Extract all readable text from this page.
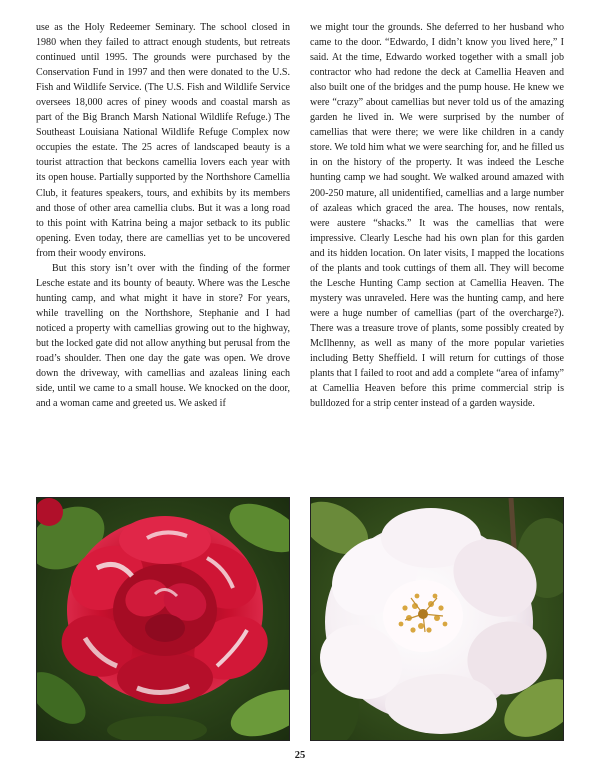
use as the Holy Redeemer Seminary. The school closed in 1980 when they failed to attract enough students, but retreats continued until 1995. The grounds were purchased by the Conservation Fund in 1997 and then were donated to the U.S. Fish and Wildlife Service. (The U.S. Fish and Wildlife Service oversees 18,000 acres of piney woods and coastal marsh as part of the Big Branch Marsh National Wildlife Refuge.) The Southeast Louisiana National Wildlife Refuge Complex now occupies the estate. The 25 acres of landscaped beauty is a tourist attraction that beckons camellia lovers each year with its open house. Partially supported by the Northshore Camellia Club, it features speakers, tours, and exhibits by its members and those of other area camellia clubs. But it was a long road to this point with Katrina being a major setback to its public opening. Even today, there are camellias yet to be uncovered from their woody environs.

But this story isn’t over with the finding of the former Lesche estate and its bounty of beauty. Where was the Lesche hunting camp, and what might it have in store? For years, while travelling on the Northshore, Stephanie and I had noticed a property with camellias growing out to the highway, but the locked gate did not allow anything but perusal from the road’s shoulder. Then one day the gate was open. We drove down the driveway, with camellias and azaleas lining each side, until we came to a small house. We knocked on the door, and a woman came and greeted us. We asked if

we might tour the grounds. She deferred to her husband who came to the door. “Edwardo, I didn’t know you lived here,” I said. At the time, Edwardo worked together with a small job contractor who had redone the deck at Camellia Heaven and also built one of the bridges and the pump house. He knew we were “crazy” about camellias but never told us of the amazing garden he lived in. We were surprised by the number of camellias that were there; we were like children in a candy store. We told him what we were searching for, and he filled us in on the history of the property. It was indeed the Lesche hunting camp we had sought. We walked around amazed with 200-250 mature, all unidentified, camellias and a large number of azaleas which graced the area. The houses, now rentals, were austere “shacks.” It was the camellias that were impressive. Clearly Lesche had his own plan for this garden and its hidden location. On later visits, I mapped the locations of the plants and took cuttings of them all. They will become the Lesche Hunting Camp section at Camellia Heaven. The mystery was unraveled. Here was the hunting camp, and here were a huge number of camellias (part of the overcharge?). There was a treasure trove of plants, some possibly created by McIlhenny, as well as many of the more popular varieties including Betty Sheffield. I will return for cuttings of those plants that I failed to root and add a complete “area of infamy” at Camellia Heaven before this prime commercial strip is bulldozed for a strip center instead of a garden wayside.

25
